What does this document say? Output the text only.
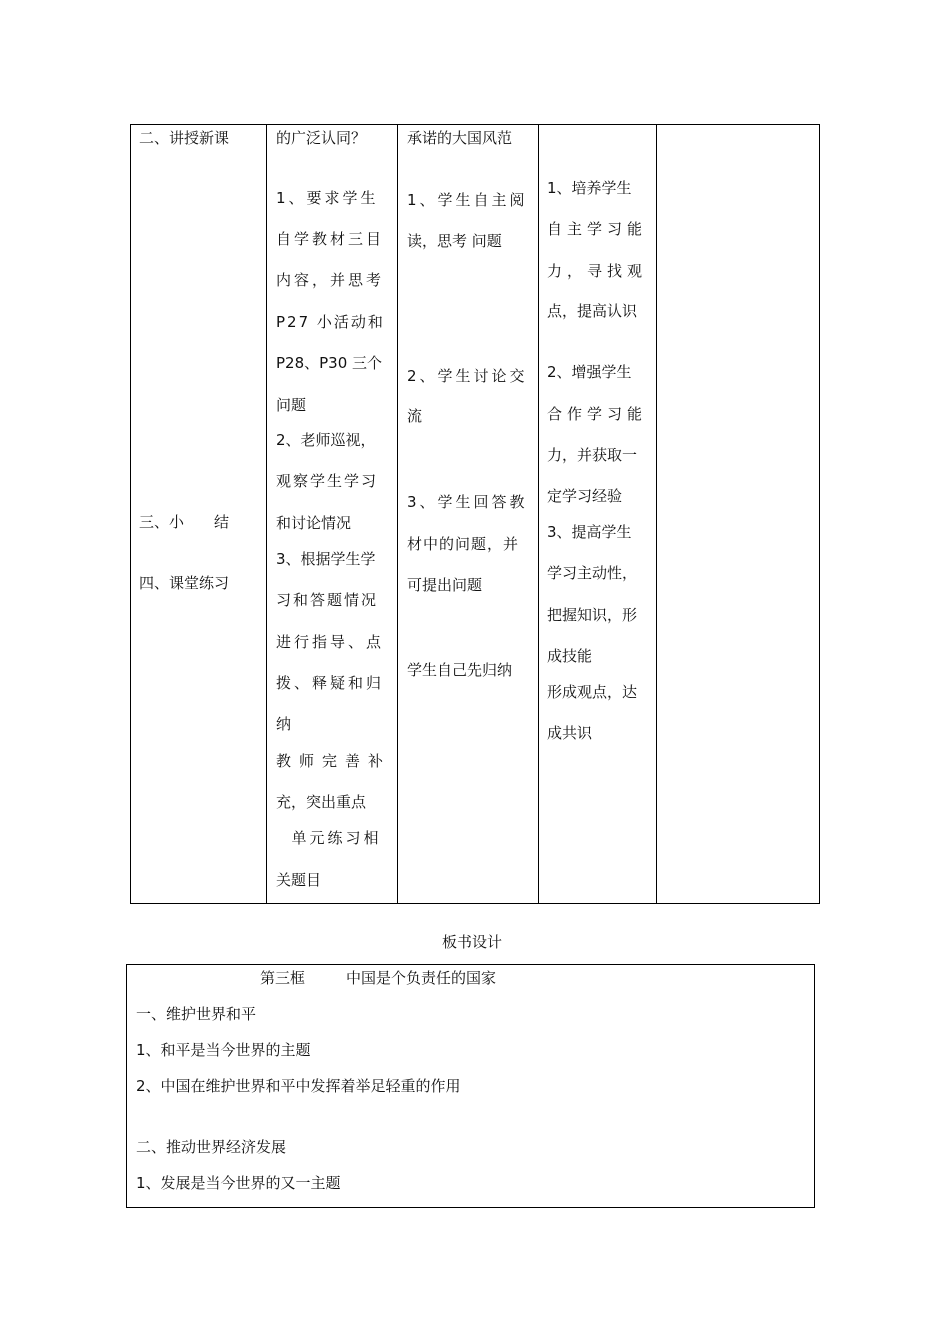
二、讲授新课
三、小　　结
四、课堂练习
的广泛认同？
1、要求学生
自学教材三目
内容，并思考
P27 小活动和
P28、P30 三个
问题
2、老师巡视，
观察学生学习
和讨论情况
3、根据学生学
习和答题情况
进行指导、点
拨、释疑和归
纳
教师完善补
充，突出重点
单元练习相
关题目
承诺的大国风范
1、学生自主阅
读，思考 问题
2、学生讨论交
流
3、学生回答教
材中的问题，并
可提出问题
学生自己先归纳
1、培养学生
自主学习能
力，寻找观
点，提高认识
2、增强学生
合作学习能
力，并获取一
定学习经验
3、提高学生
学习主动性，
把握知识，形
成技能
形成观点，达
成共识
板书设计
第三框	中国是个负责任的国家
一、维护世界和平
1、和平是当今世界的主题
2、中国在维护世界和平中发挥着举足轻重的作用
二、推动世界经济发展
1、发展是当今世界的又一主题
